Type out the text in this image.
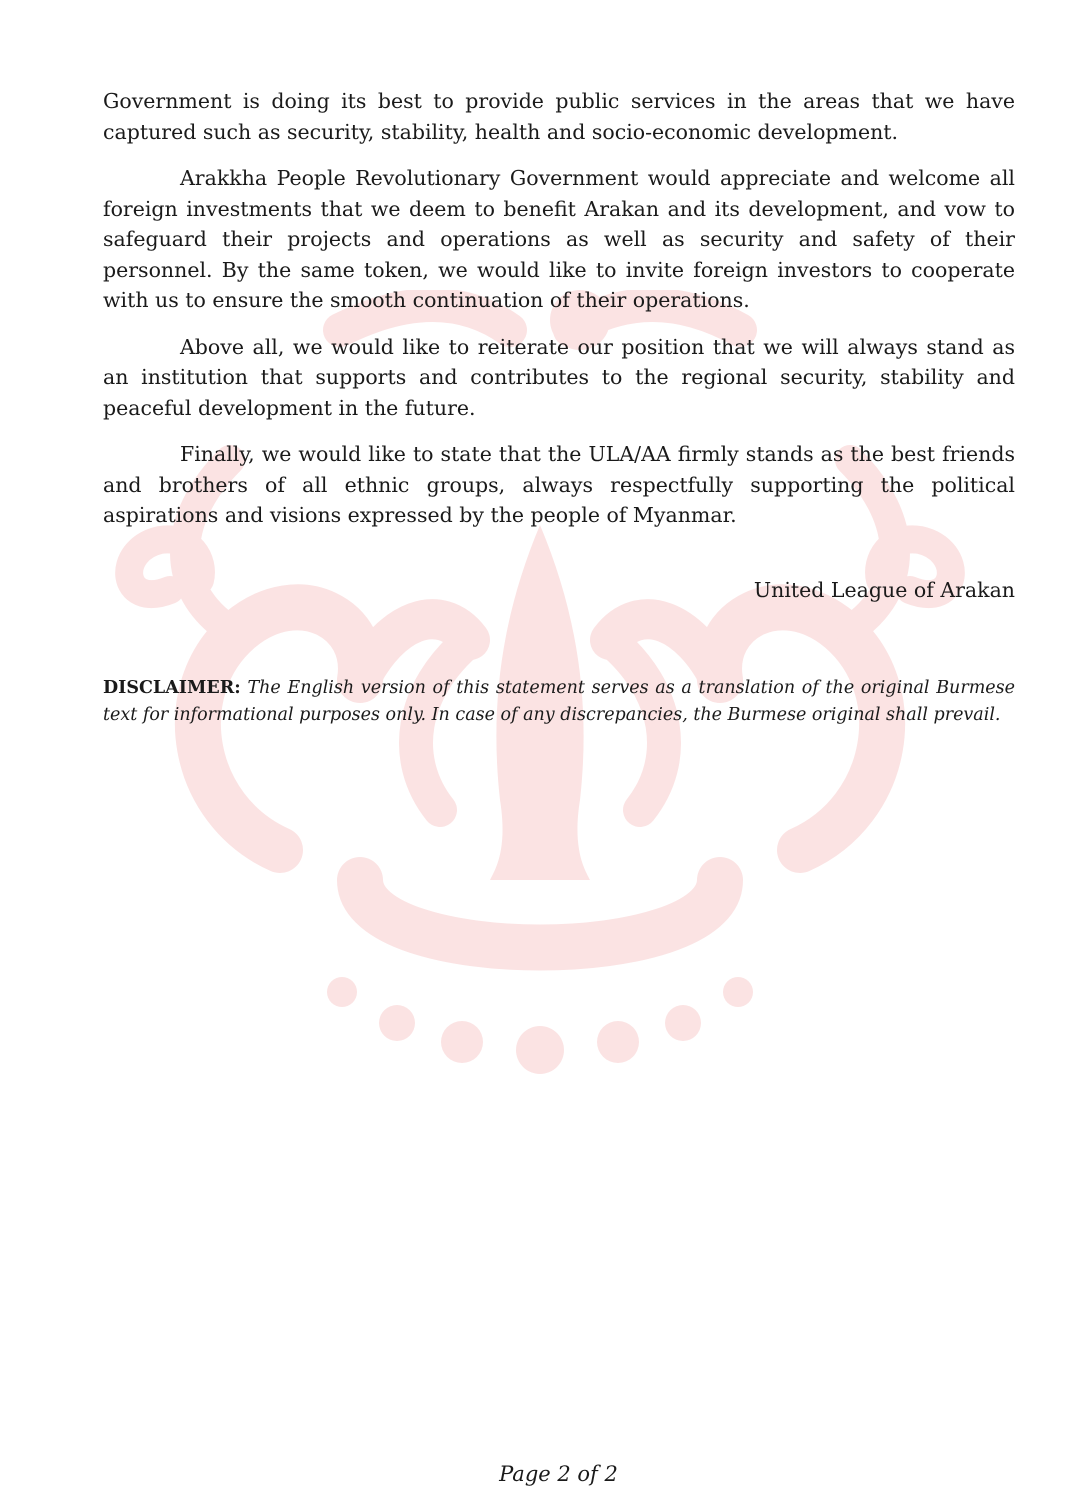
Government is doing its best to provide public services in the areas that we have captured such as security, stability, health and socio-economic development.

Arakkha People Revolutionary Government would appreciate and welcome all foreign investments that we deem to benefit Arakan and its development, and vow to safeguard their projects and operations as well as security and safety of their personnel. By the same token, we would like to invite foreign investors to cooperate with us to ensure the smooth continuation of their operations.

Above all, we would like to reiterate our position that we will always stand as an institution that supports and contributes to the regional security, stability and peaceful development in the future.

Finally, we would like to state that the ULA/AA firmly stands as the best friends and brothers of all ethnic groups, always respectfully supporting the political aspirations and visions expressed by the people of Myanmar.

United League of Arakan

DISCLAIMER: The English version of this statement serves as a translation of the original Burmese text for informational purposes only. In case of any discrepancies, the Burmese original shall prevail.

Page 2 of 2
